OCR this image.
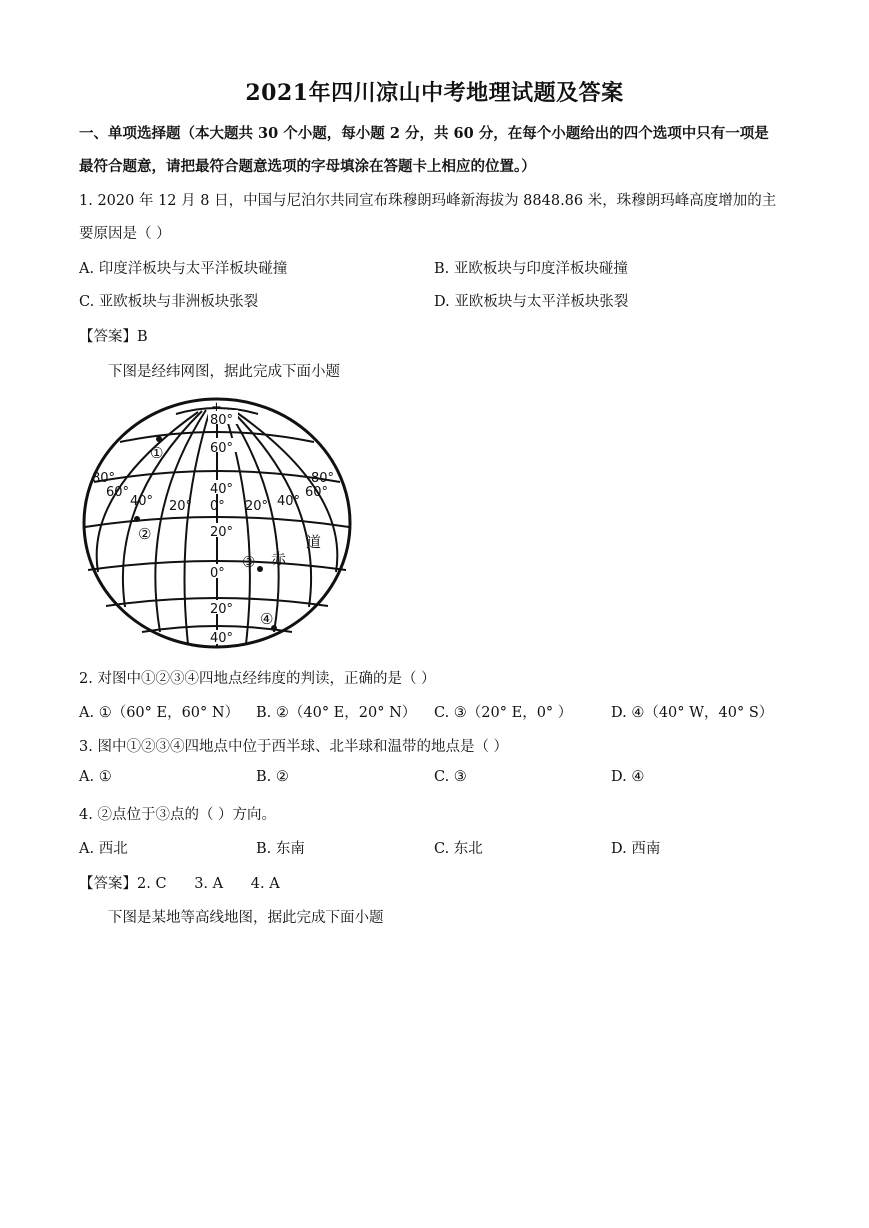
2021年四川凉山中考地理试题及答案
一、单项选择题（本大题共 30 个小题，每小题 2 分，共 60 分，在每个小题给出的四个选项中只有一项是
最符合题意，请把最符合题意选项的字母填涂在答题卡上相应的位置。）
1. 2020 年 12 月 8 日，中国与尼泊尔共同宣布珠穆朗玛峰新海拔为 8848.86 米，珠穆朗玛峰高度增加的主
要原因是（ ）
A. 印度洋板块与太平洋板块碰撞	B. 亚欧板块与印度洋板块碰撞
C. 亚欧板块与非洲板块张裂	D. 亚欧板块与太平洋板块张裂
【答案】B
下图是经纬网图，据此完成下面小题
+
80°
60°
40°
20°
0°
20°
40°
80°
60°
40° 20° 0° 20° 40°
80°
60°
①
②
③
④
赤
道
2. 对图中①②③④四地点经纬度的判读，正确的是（ ）
A. ①（60° E，60° N） B. ②（40° E，20° N） C. ③（20° E，0° ）	D. ④（40° W，40° S）
3. 图中①②③④四地点中位于西半球、北半球和温带的地点是（ ）
A. ①	B. ②	C. ③	D. ④
4. ②点位于③点的（ ）方向。
A. 西北	B. 东南	C. 东北	D. 西南
【答案】2. C      3. A      4. A
下图是某地等高线地图，据此完成下面小题
